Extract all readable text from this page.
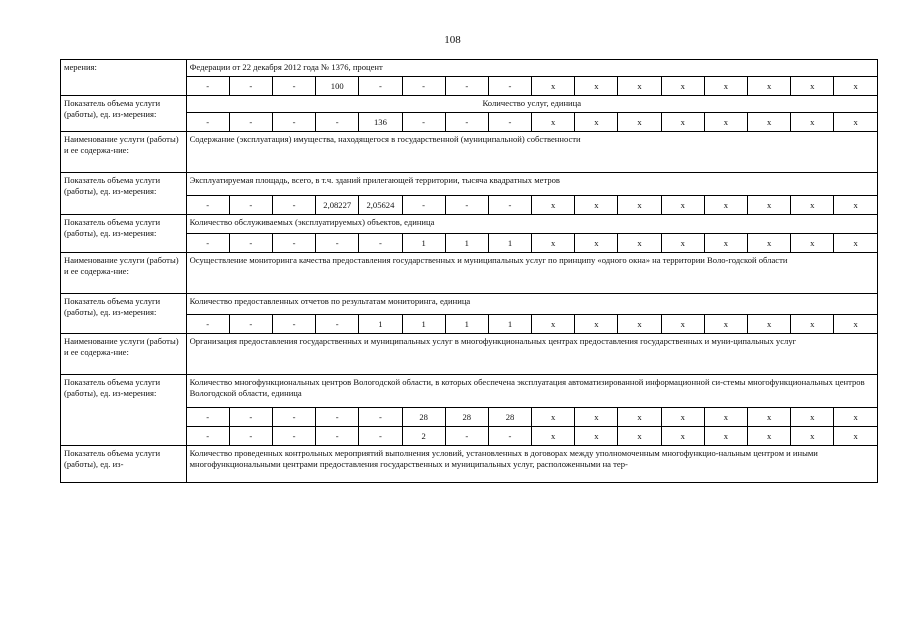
108
мерения:	Федерации от 22 декабря 2012 года № 1376, процент															
	-	-	-	100	-	-	-	-	x	x	x	x	x	x	x	x
Показатель объема услуги (работы), ед. из-мерения:	Количество услуг, единица															
	-	-	-	-	136	-	-	-	x	x	x	x	x	x	x	x
Наименование услуги (работы) и ее содержа-ние:	Содержание (эксплуатация) имущества, находящегося в государственной (муниципальной) собственности															
Показатель объема услуги (работы), ед. из-мерения:	Эксплуатируемая площадь, всего, в т.ч. зданий прилегающей территории, тысяча квадратных метров															
	-	-	-	2,08227	2,05624	-	-	-	x	x	x	x	x	x	x	x
Показатель объема услуги (работы), ед. из-мерения:	Количество обслуживаемых (эксплуатируемых) объектов, единица															
	-	-	-	-	-	1	1	1	x	x	x	x	x	x	x	x
Наименование услуги (работы) и ее содержа-ние:	Осуществление мониторинга качества предоставления государственных и муниципальных услуг по принципу «одного окна» на территории Воло-годской области															
Показатель объема услуги (работы), ед. из-мерения:	Количество предоставленных отчетов по результатам мониторинга, единица															
	-	-	-	-	1	1	1	1	x	x	x	x	x	x	x	x
Наименование услуги (работы) и ее содержа-ние:	Организация предоставления государственных и муниципальных услуг в многофункциональных центрах предоставления государственных и муни-ципальных услуг															
Показатель объема услуги (работы), ед. из-мерения:	Количество многофункциональных центров Вологодской области, в которых обеспечена эксплуатация автоматизированной информационной си-стемы многофункциональных центров Вологодской области, единица															
	-	-	-	-	-	28	28	28	x	x	x	x	x	x	x	x
	-	-	-	-	-	2	-	-	x	x	x	x	x	x	x	x
Показатель объема услуги (работы), ед. из-	Количество проведенных контрольных мероприятий выполнения условий, установленных в договорах между уполномоченным многофункцио-нальным центром и иными многофункциональными центрами предоставления государственных и муниципальных услуг, расположенными на тер-															
